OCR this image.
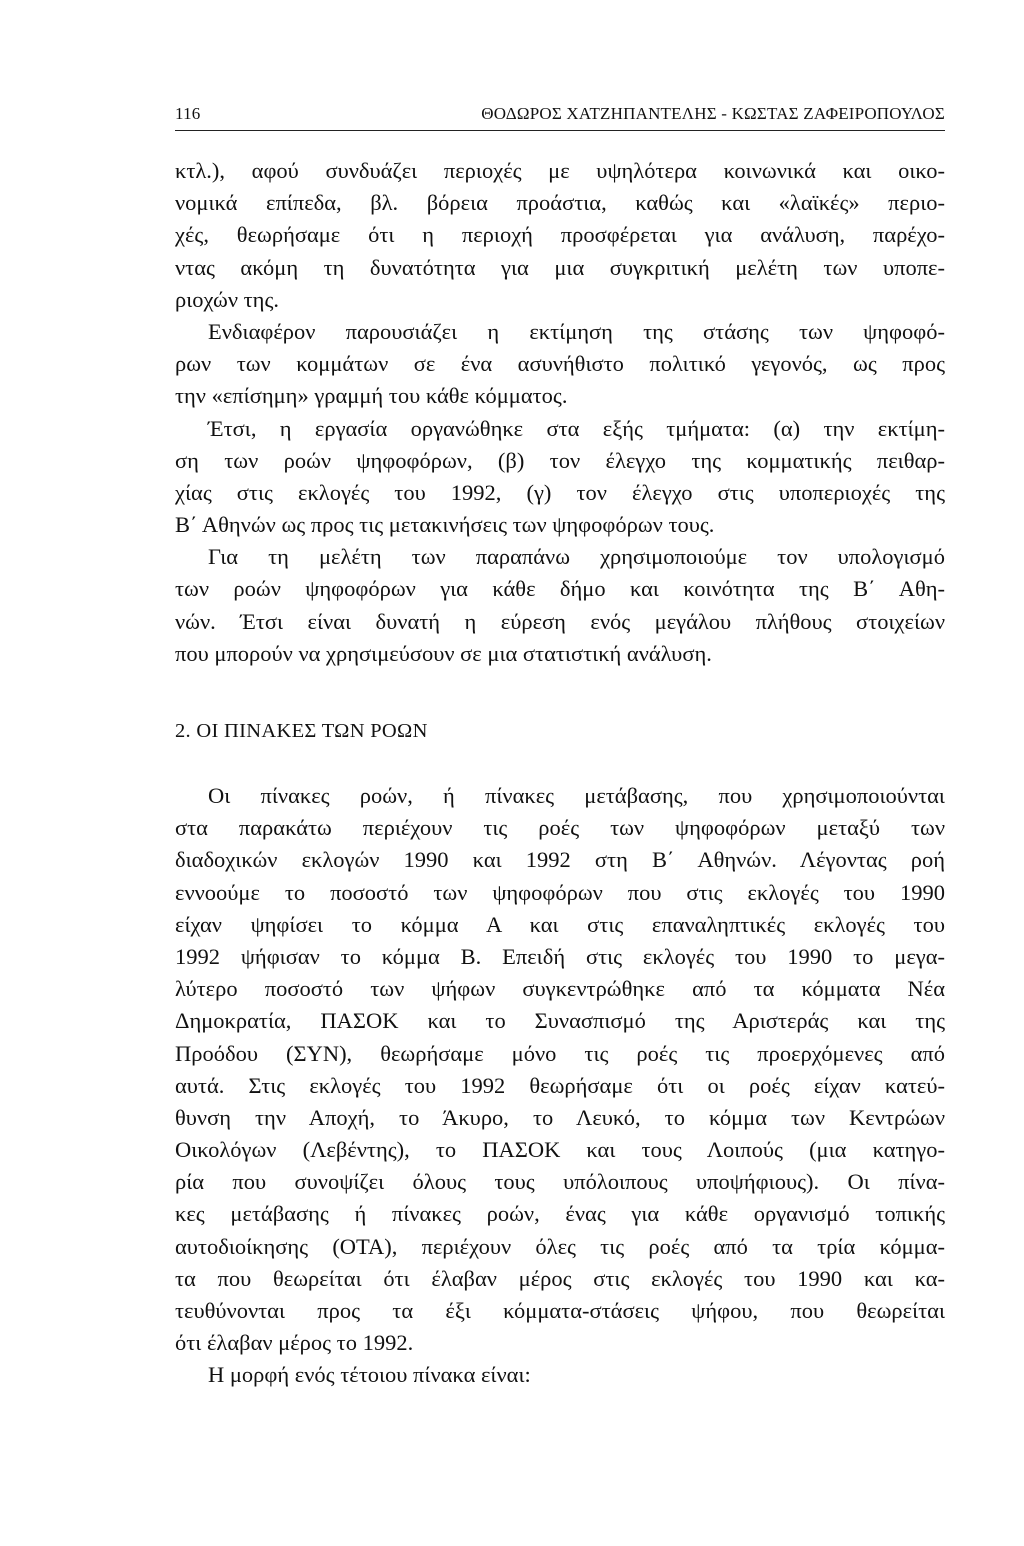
116	ΘΟΔΩΡΟΣ ΧΑΤΖΗΠΑΝΤΕΛΗΣ - ΚΩΣΤΑΣ ΖΑΦΕΙΡΟΠΟΥΛΟΣ
κτλ.), αφού συνδυάζει περιοχές με υψηλότερα κοινωνικά και οικο-
νομικά επίπεδα, βλ. βόρεια προάστια, καθώς και «λαϊκές» περιο-
χές, θεωρήσαμε ότι η περιοχή προσφέρεται για ανάλυση, παρέχο-
ντας ακόμη τη δυνατότητα για μια συγκριτική μελέτη των υποπε-
ριοχών της.
Ενδιαφέρον παρουσιάζει η εκτίμηση της στάσης των ψηφοφό-
ρων των κομμάτων σε ένα ασυνήθιστο πολιτικό γεγονός, ως προς
την «επίσημη» γραμμή του κάθε κόμματος.
Έτσι, η εργασία οργανώθηκε στα εξής τμήματα: (α) την εκτίμη-
ση των ροών ψηφοφόρων, (β) τον έλεγχο της κομματικής πειθαρ-
χίας στις εκλογές του 1992, (γ) τον έλεγχο στις υποπεριοχές της
Β΄ Αθηνών ως προς τις μετακινήσεις των ψηφοφόρων τους.
Για τη μελέτη των παραπάνω χρησιμοποιούμε τον υπολογισμό
των ροών ψηφοφόρων για κάθε δήμο και κοινότητα της Β΄ Αθη-
νών. Έτσι είναι δυνατή η εύρεση ενός μεγάλου πλήθους στοιχείων
που μπορούν να χρησιμεύσουν σε μια στατιστική ανάλυση.
2. ΟΙ ΠΙΝΑΚΕΣ ΤΩΝ ΡΟΩΝ
Οι πίνακες ροών, ή πίνακες μετάβασης, που χρησιμοποιούνται
στα παρακάτω περιέχουν τις ροές των ψηφοφόρων μεταξύ των
διαδοχικών εκλογών 1990 και 1992 στη Β΄ Αθηνών. Λέγοντας ροή
εννοούμε το ποσοστό των ψηφοφόρων που στις εκλογές του 1990
είχαν ψηφίσει το κόμμα Α και στις επαναληπτικές εκλογές του
1992 ψήφισαν το κόμμα Β. Επειδή στις εκλογές του 1990 το μεγα-
λύτερο ποσοστό των ψήφων συγκεντρώθηκε από τα κόμματα Νέα
Δημοκρατία, ΠΑΣΟΚ και το Συνασπισμό της Αριστεράς και της
Προόδου (ΣΥΝ), θεωρήσαμε μόνο τις ροές τις προερχόμενες από
αυτά. Στις εκλογές του 1992 θεωρήσαμε ότι οι ροές είχαν κατεύ-
θυνση την Αποχή, το Άκυρο, το Λευκό, το κόμμα των Κεντρώων
Οικολόγων (Λεβέντης), το ΠΑΣΟΚ και τους Λοιπούς (μια κατηγο-
ρία που συνοψίζει όλους τους υπόλοιπους υποψήφιους). Οι πίνα-
κες μετάβασης ή πίνακες ροών, ένας για κάθε οργανισμό τοπικής
αυτοδιοίκησης (ΟΤΑ), περιέχουν όλες τις ροές από τα τρία κόμμα-
τα που θεωρείται ότι έλαβαν μέρος στις εκλογές του 1990 και κα-
τευθύνονται προς τα έξι κόμματα-στάσεις ψήφου, που θεωρείται
ότι έλαβαν μέρος το 1992.
Η μορφή ενός τέτοιου πίνακα είναι:
